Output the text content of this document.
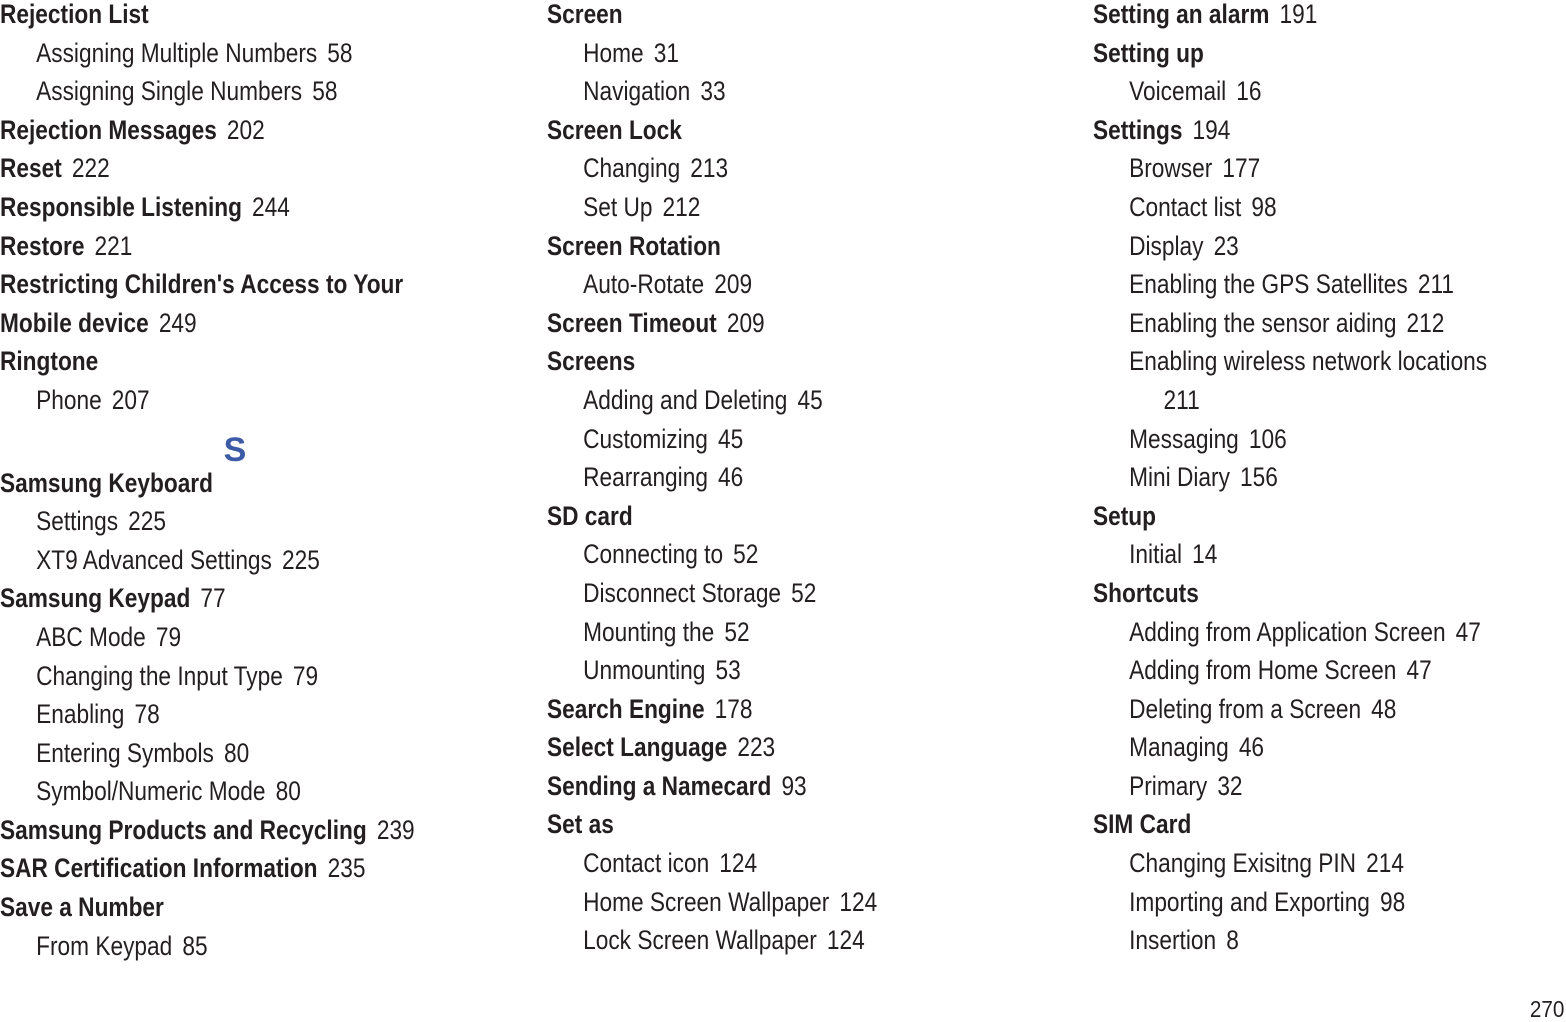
Rejection List
Assigning Multiple Numbers 58
Assigning Single Numbers 58
Rejection Messages 202
Reset 222
Responsible Listening 244
Restore 221
Restricting Children's Access to Your
Mobile device 249
Ringtone
Phone 207
S
Samsung Keyboard
Settings 225
XT9 Advanced Settings 225
Samsung Keypad 77
ABC Mode 79
Changing the Input Type 79
Enabling 78
Entering Symbols 80
Symbol/Numeric Mode 80
Samsung Products and Recycling 239
SAR Certification Information 235
Save a Number
From Keypad 85
Screen
Home 31
Navigation 33
Screen Lock
Changing 213
Set Up 212
Screen Rotation
Auto-Rotate 209
Screen Timeout 209
Screens
Adding and Deleting 45
Customizing 45
Rearranging 46
SD card
Connecting to 52
Disconnect Storage 52
Mounting the 52
Unmounting 53
Search Engine 178
Select Language 223
Sending a Namecard 93
Set as
Contact icon 124
Home Screen Wallpaper 124
Lock Screen Wallpaper 124
Setting an alarm 191
Setting up
Voicemail 16
Settings 194
Browser 177
Contact list 98
Display 23
Enabling the GPS Satellites 211
Enabling the sensor aiding 212
Enabling wireless network locations
211
Messaging 106
Mini Diary 156
Setup
Initial 14
Shortcuts
Adding from Application Screen 47
Adding from Home Screen 47
Deleting from a Screen 48
Managing 46
Primary 32
SIM Card
Changing Exisitng PIN 214
Importing and Exporting 98
Insertion 8
270
